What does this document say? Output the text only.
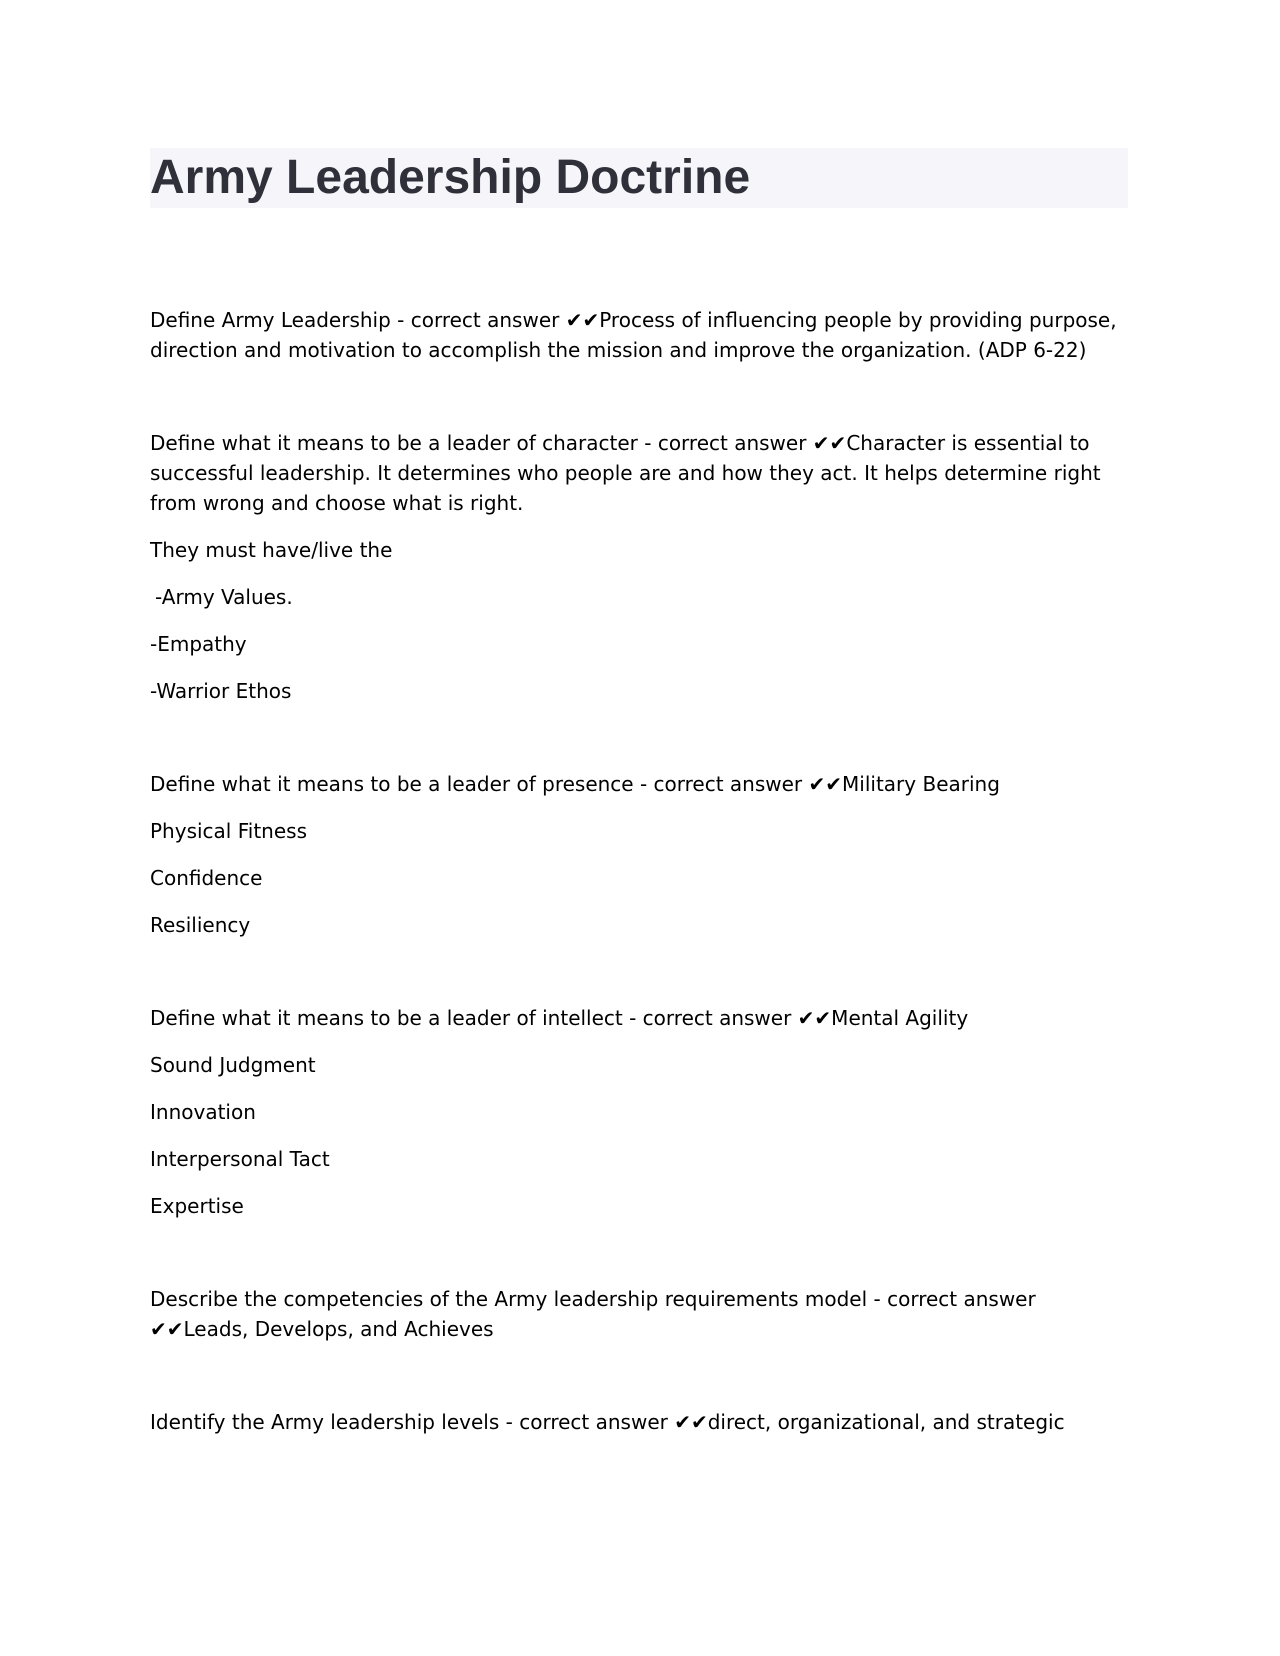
Army Leadership Doctrine

Define Army Leadership - correct answer ✔✔Process of influencing people by providing purpose, direction and motivation to accomplish the mission and improve the organization. (ADP 6-22)

Define what it means to be a leader of character - correct answer ✔✔Character is essential to successful leadership. It determines who people are and how they act. It helps determine right from wrong and choose what is right.

They must have/live the

-Army Values.

-Empathy

-Warrior Ethos

Define what it means to be a leader of presence - correct answer ✔✔Military Bearing

Physical Fitness

Confidence

Resiliency

Define what it means to be a leader of intellect - correct answer ✔✔Mental Agility

Sound Judgment

Innovation

Interpersonal Tact

Expertise

Describe the competencies of the Army leadership requirements model - correct answer ✔✔Leads, Develops, and Achieves

Identify the Army leadership levels - correct answer ✔✔direct, organizational, and strategic
